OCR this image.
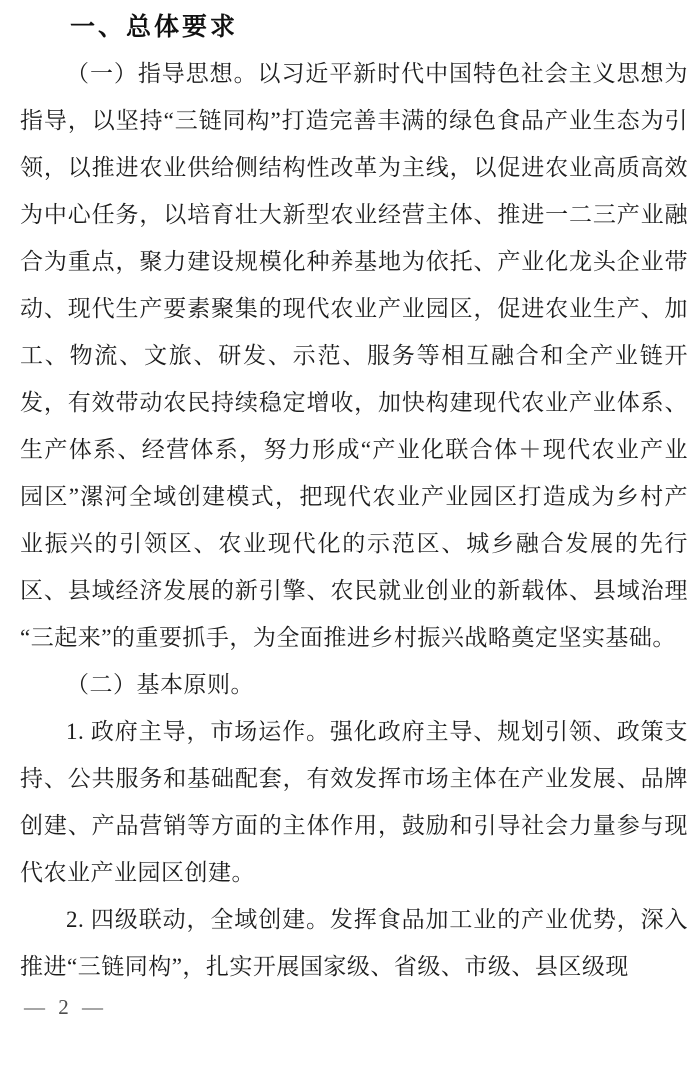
一、总体要求

（一）指导思想。以习近平新时代中国特色社会主义思想为指导，以坚持“三链同构”打造完善丰满的绿色食品产业生态为引领，以推进农业供给侧结构性改革为主线，以促进农业高质高效为中心任务，以培育壮大新型农业经营主体、推进一二三产业融合为重点，聚力建设规模化种养基地为依托、产业化龙头企业带动、现代生产要素聚集的现代农业产业园区，促进农业生产、加工、物流、文旅、研发、示范、服务等相互融合和全产业链开发，有效带动农民持续稳定增收，加快构建现代农业产业体系、生产体系、经营体系，努力形成“产业化联合体＋现代农业产业园区”漯河全域创建模式，把现代农业产业园区打造成为乡村产业振兴的引领区、农业现代化的示范区、城乡融合发展的先行区、县域经济发展的新引擎、农民就业创业的新载体、县域治理“三起来”的重要抓手，为全面推进乡村振兴战略奠定坚实基础。

（二）基本原则。

1. 政府主导，市场运作。强化政府主导、规划引领、政策支持、公共服务和基础配套，有效发挥市场主体在产业发展、品牌创建、产品营销等方面的主体作用，鼓励和引导社会力量参与现代农业产业园区创建。

2. 四级联动，全域创建。发挥食品加工业的产业优势，深入推进“三链同构”，扎实开展国家级、省级、市级、县区级现

— 2 —
